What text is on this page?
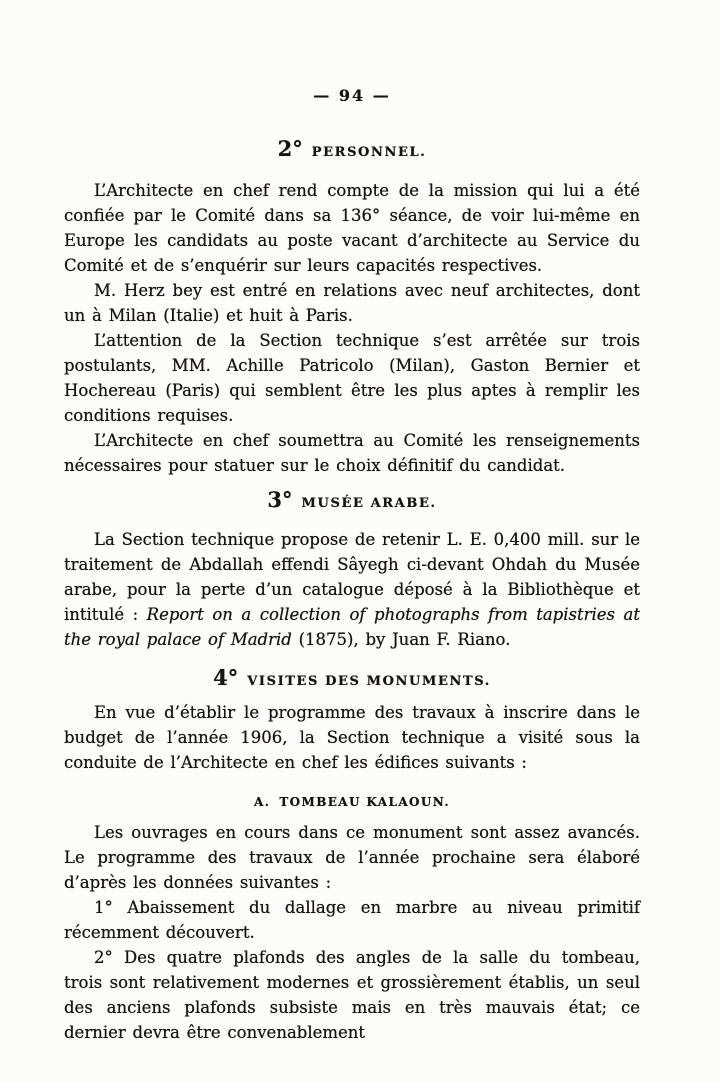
— 94 —
2° PERSONNEL.

L’Architecte en chef rend compte de la mission qui lui a été confiée par le Comité dans sa 136° séance, de voir lui-même en Europe les candidats au poste vacant d’architecte au Service du Comité et de s’enquérir sur leurs capacités respectives.

M. Herz bey est entré en relations avec neuf architectes, dont un à Milan (Italie) et huit à Paris.

L’attention de la Section technique s’est arrêtée sur trois postulants, MM. Achille Patricolo (Milan), Gaston Bernier et Hochereau (Paris) qui semblent être les plus aptes à remplir les conditions requises.

L’Architecte en chef soumettra au Comité les renseignements nécessaires pour statuer sur le choix définitif du candidat.

3° MUSÉE ARABE.

La Section technique propose de retenir L. E. 0,400 mill. sur le traitement de Abdallah effendi Sâyegh ci-devant Ohdah du Musée arabe, pour la perte d’un catalogue déposé à la Bibliothèque et intitulé : Report on a collection of photographs from tapistries at the royal palace of Madrid (1875), by Juan F. Riano.

4° VISITES DES MONUMENTS.

En vue d’établir le programme des travaux à inscrire dans le budget de l’année 1906, la Section technique a visité sous la conduite de l’Architecte en chef les édifices suivants :

A. TOMBEAU KALAOUN.

Les ouvrages en cours dans ce monument sont assez avancés. Le programme des travaux de l’année prochaine sera élaboré d’après les données suivantes :

1° Abaissement du dallage en marbre au niveau primitif récemment découvert.

2° Des quatre plafonds des angles de la salle du tombeau, trois sont relativement modernes et grossièrement établis, un seul des anciens plafonds subsiste mais en très mauvais état; ce dernier devra être convenablement
